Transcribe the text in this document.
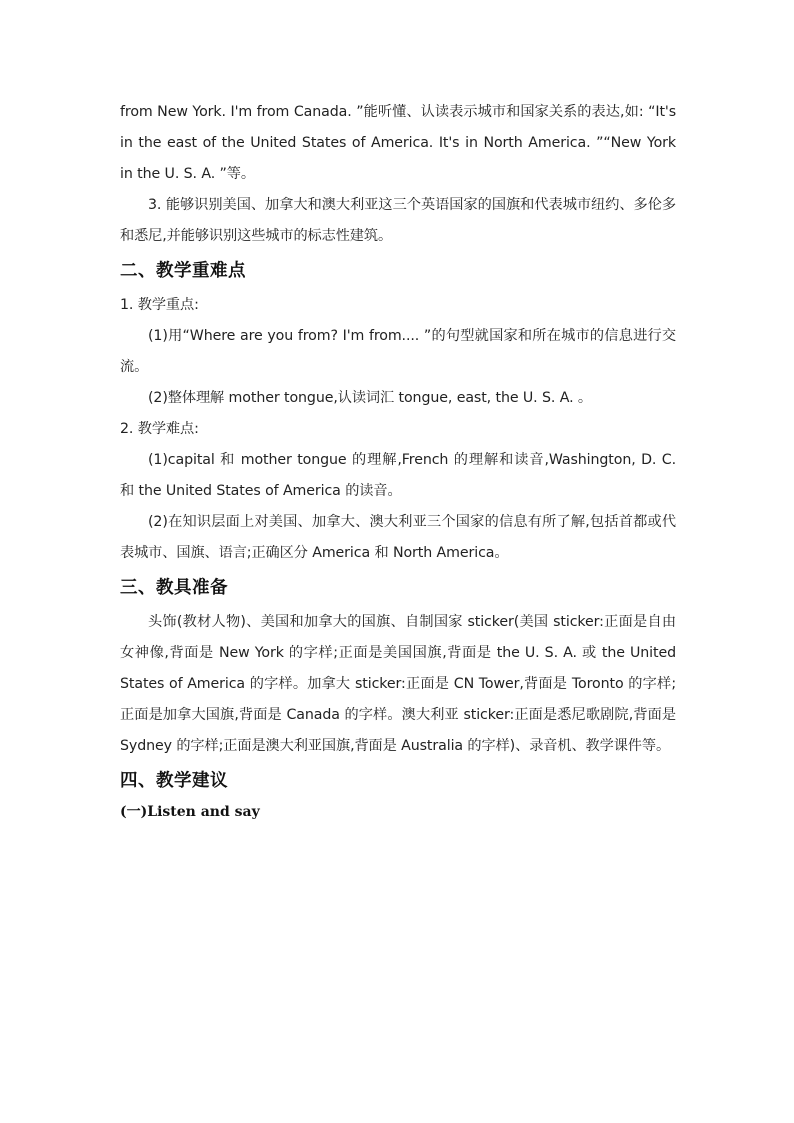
from New York. I'm from Canada. ”能听懂、认读表示城市和国家关系的表达,如: “It's in the east of the United States of America. It's in North America. ”“New York in the U. S. A. ”等。

3. 能够识别美国、加拿大和澳大利亚这三个英语国家的国旗和代表城市纽约、多伦多和悉尼,并能够识别这些城市的标志性建筑。

二、教学重难点

1. 教学重点:

(1)用“Where are you from? I'm from.... ”的句型就国家和所在城市的信息进行交流。

(2)整体理解 mother tongue,认读词汇 tongue, east, the U. S. A. 。

2. 教学难点:

(1)capital 和 mother tongue 的理解,French 的理解和读音,Washington, D. C. 和 the United States of America 的读音。

(2)在知识层面上对美国、加拿大、澳大利亚三个国家的信息有所了解,包括首都或代表城市、国旗、语言;正确区分 America 和 North America。

三、教具准备

头饰(教材人物)、美国和加拿大的国旗、自制国家 sticker(美国 sticker:正面是自由女神像,背面是 New York 的字样;正面是美国国旗,背面是 the U. S. A. 或 the United States of America 的字样。加拿大 sticker:正面是 CN Tower,背面是 Toronto 的字样;正面是加拿大国旗,背面是 Canada 的字样。澳大利亚 sticker:正面是悉尼歌剧院,背面是 Sydney 的字样;正面是澳大利亚国旗,背面是 Australia 的字样)、录音机、教学课件等。

四、教学建议
(一)Listen and say
